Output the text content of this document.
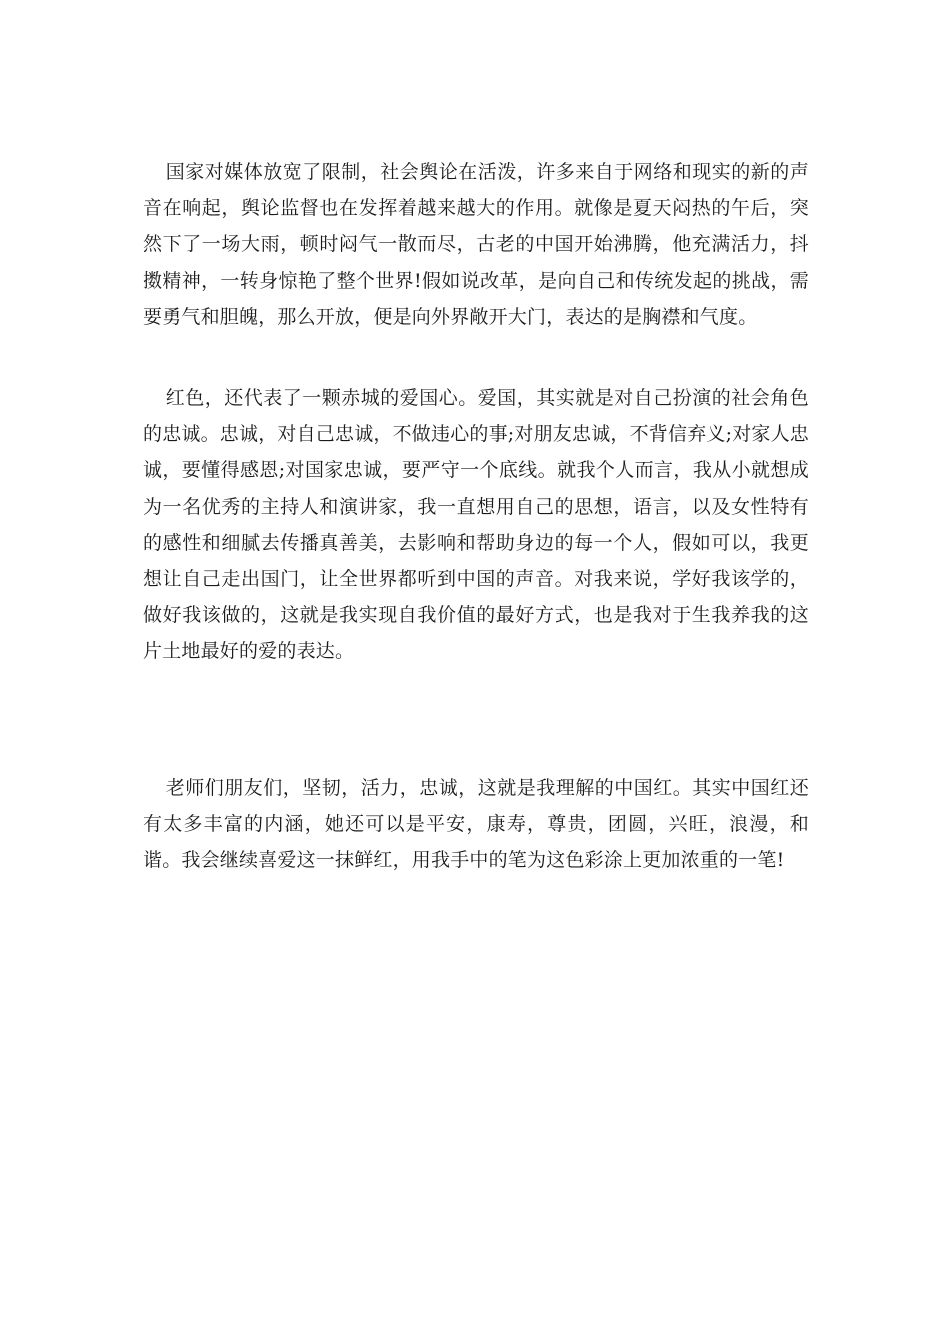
国家对媒体放宽了限制，社会舆论在活泼，许多来自于网络和现实的新的声音在响起，舆论监督也在发挥着越来越大的作用。就像是夏天闷热的午后，突然下了一场大雨，顿时闷气一散而尽，古老的中国开始沸腾，他充满活力，抖擞精神，一转身惊艳了整个世界!假如说改革，是向自己和传统发起的挑战，需要勇气和胆魄，那么开放，便是向外界敞开大门，表达的是胸襟和气度。

红色，还代表了一颗赤城的爱国心。爱国，其实就是对自己扮演的社会角色的忠诚。忠诚，对自己忠诚，不做违心的事;对朋友忠诚，不背信弃义;对家人忠诚，要懂得感恩;对国家忠诚，要严守一个底线。就我个人而言，我从小就想成为一名优秀的主持人和演讲家，我一直想用自己的思想，语言，以及女性特有的感性和细腻去传播真善美，去影响和帮助身边的每一个人，假如可以，我更想让自己走出国门，让全世界都听到中国的声音。对我来说，学好我该学的，做好我该做的，这就是我实现自我价值的最好方式，也是我对于生我养我的这片土地最好的爱的表达。

老师们朋友们，坚韧，活力，忠诚，这就是我理解的中国红。其实中国红还有太多丰富的内涵，她还可以是平安，康寿，尊贵，团圆，兴旺，浪漫，和谐。我会继续喜爱这一抹鲜红，用我手中的笔为这色彩涂上更加浓重的一笔!
